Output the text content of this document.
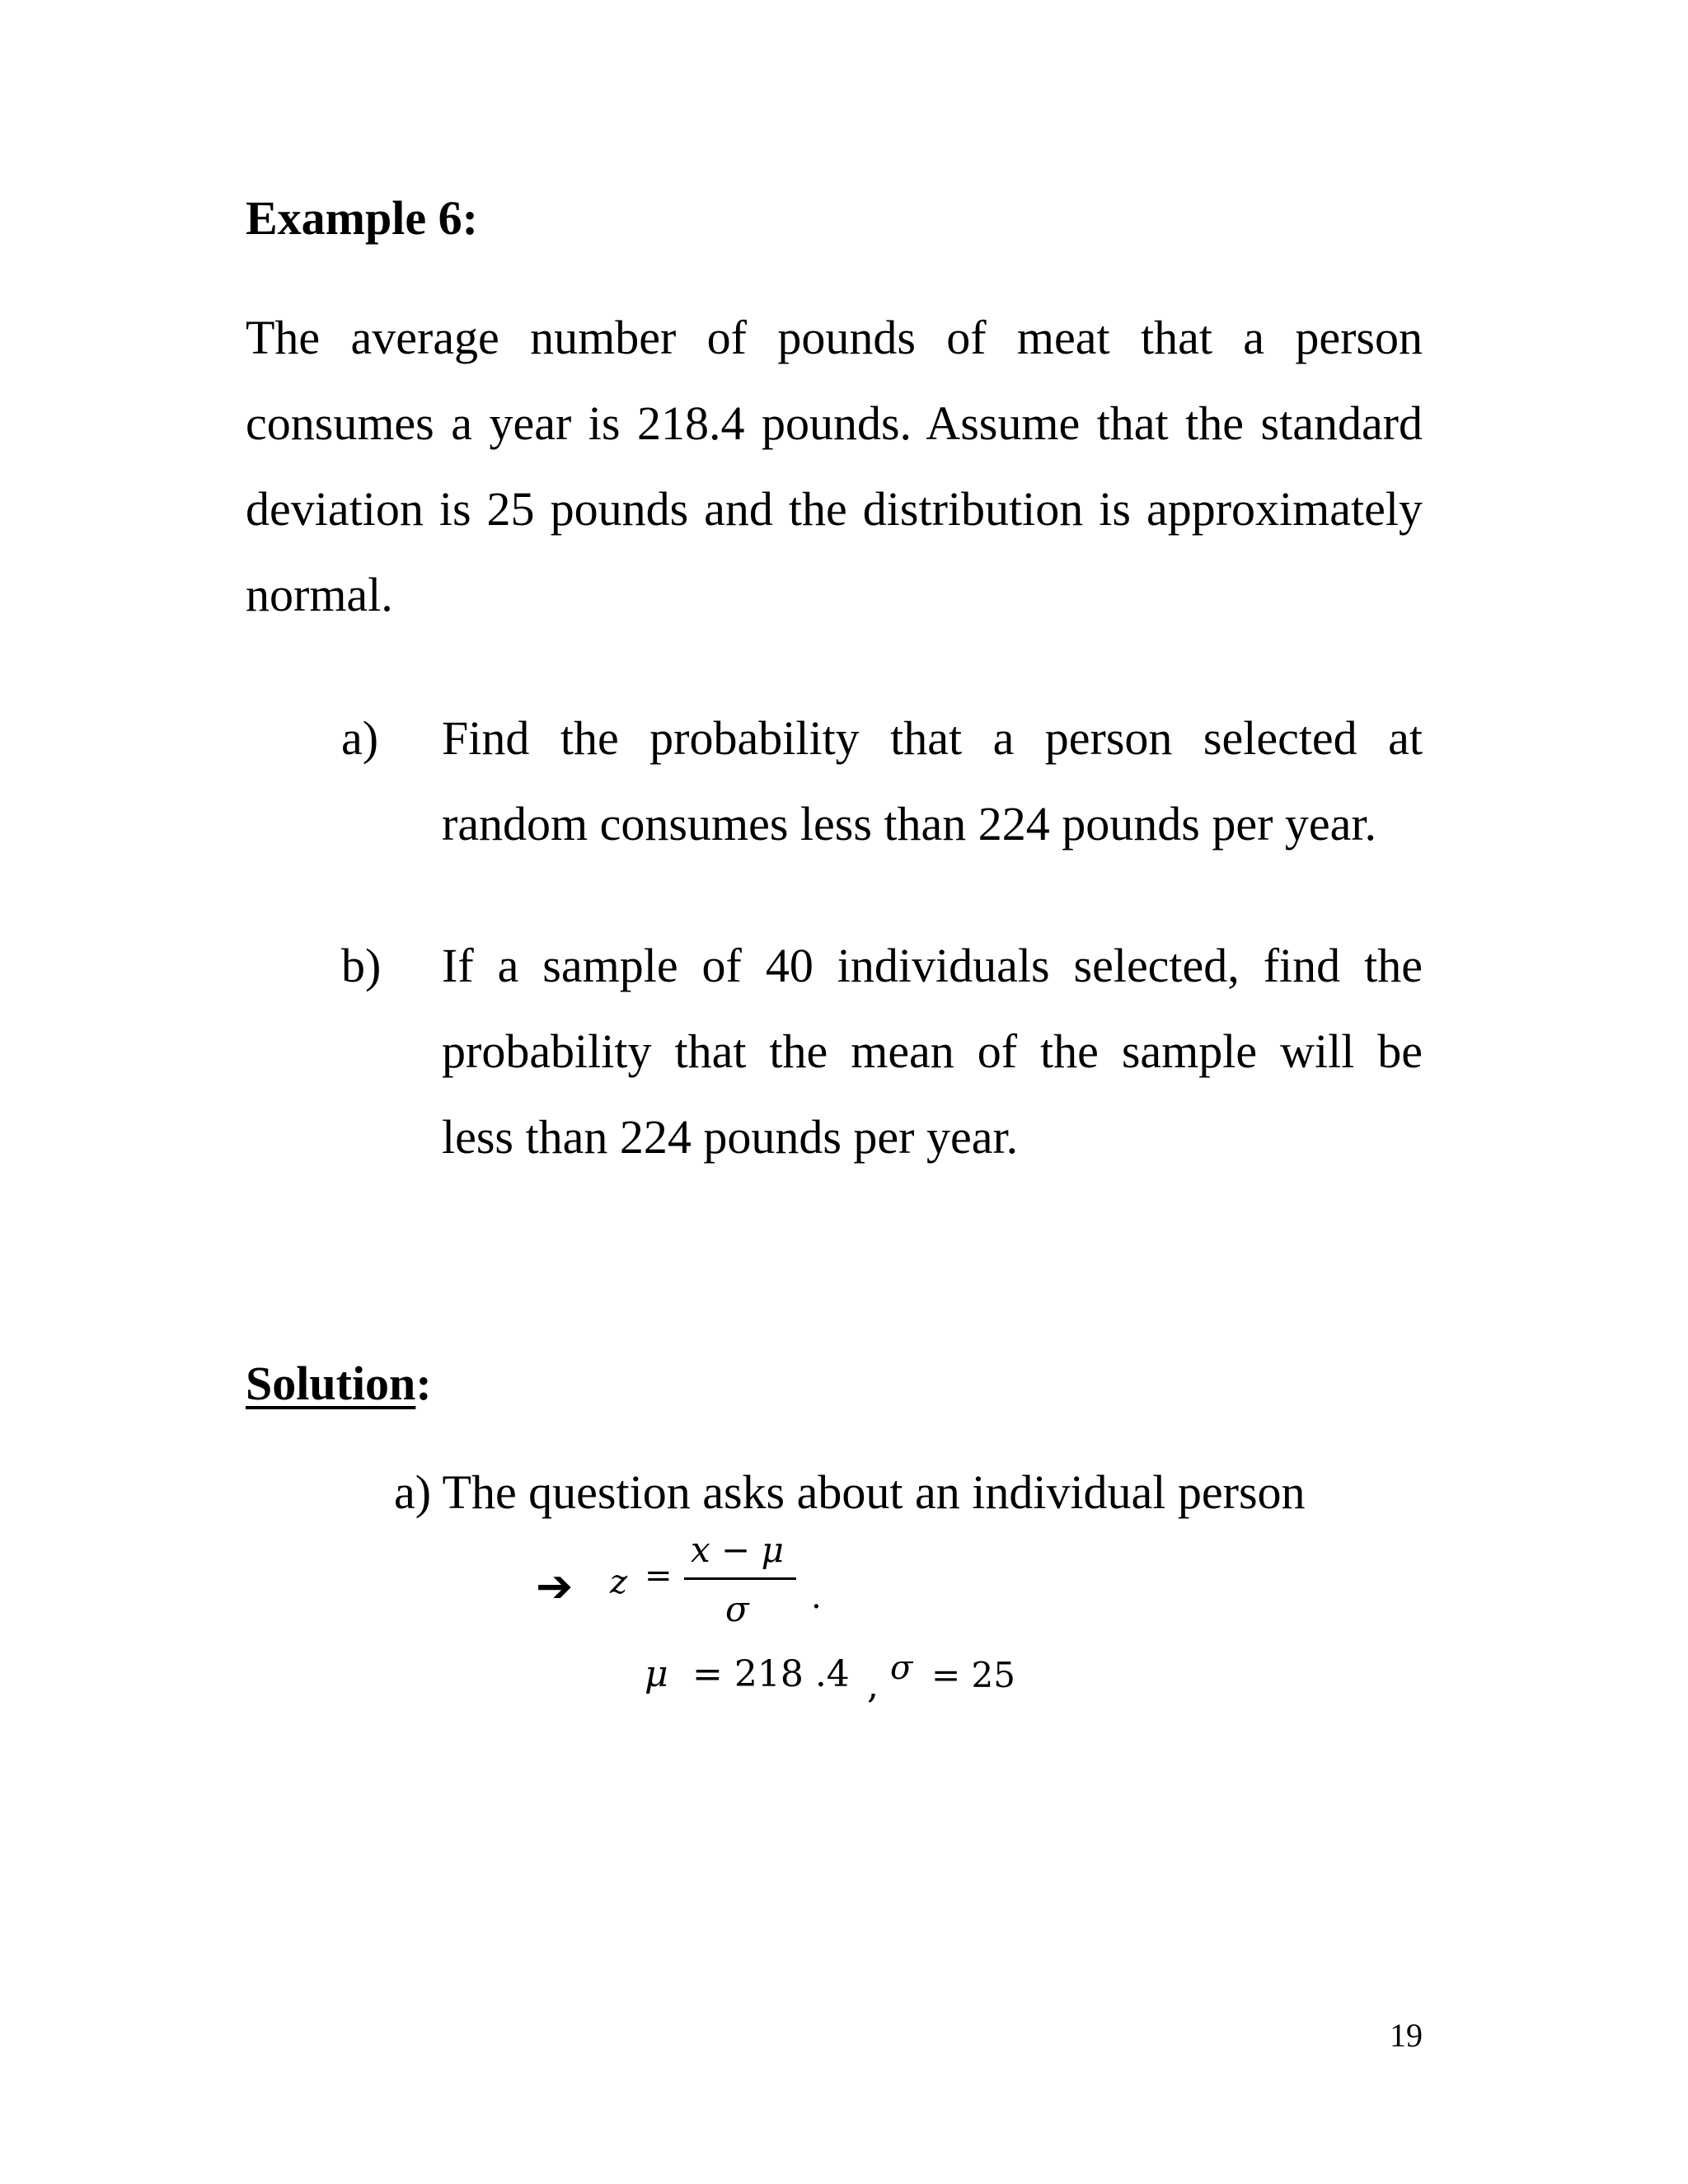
Example 6:
The average number of pounds of meat that a person
consumes a year is 218.4 pounds. Assume that the standard
deviation is 25 pounds and the distribution is approximately
normal.
a) Find the probability that a person selected at
random consumes less than 224 pounds per year.
b) If a sample of 40 individuals selected, find the
probability that the mean of the sample will be
less than 224 pounds per year.
Solution:
a) The question asks about an individual person
➔ z =
x − μ
σ .
μ = 218 .4 , σ = 25
19
